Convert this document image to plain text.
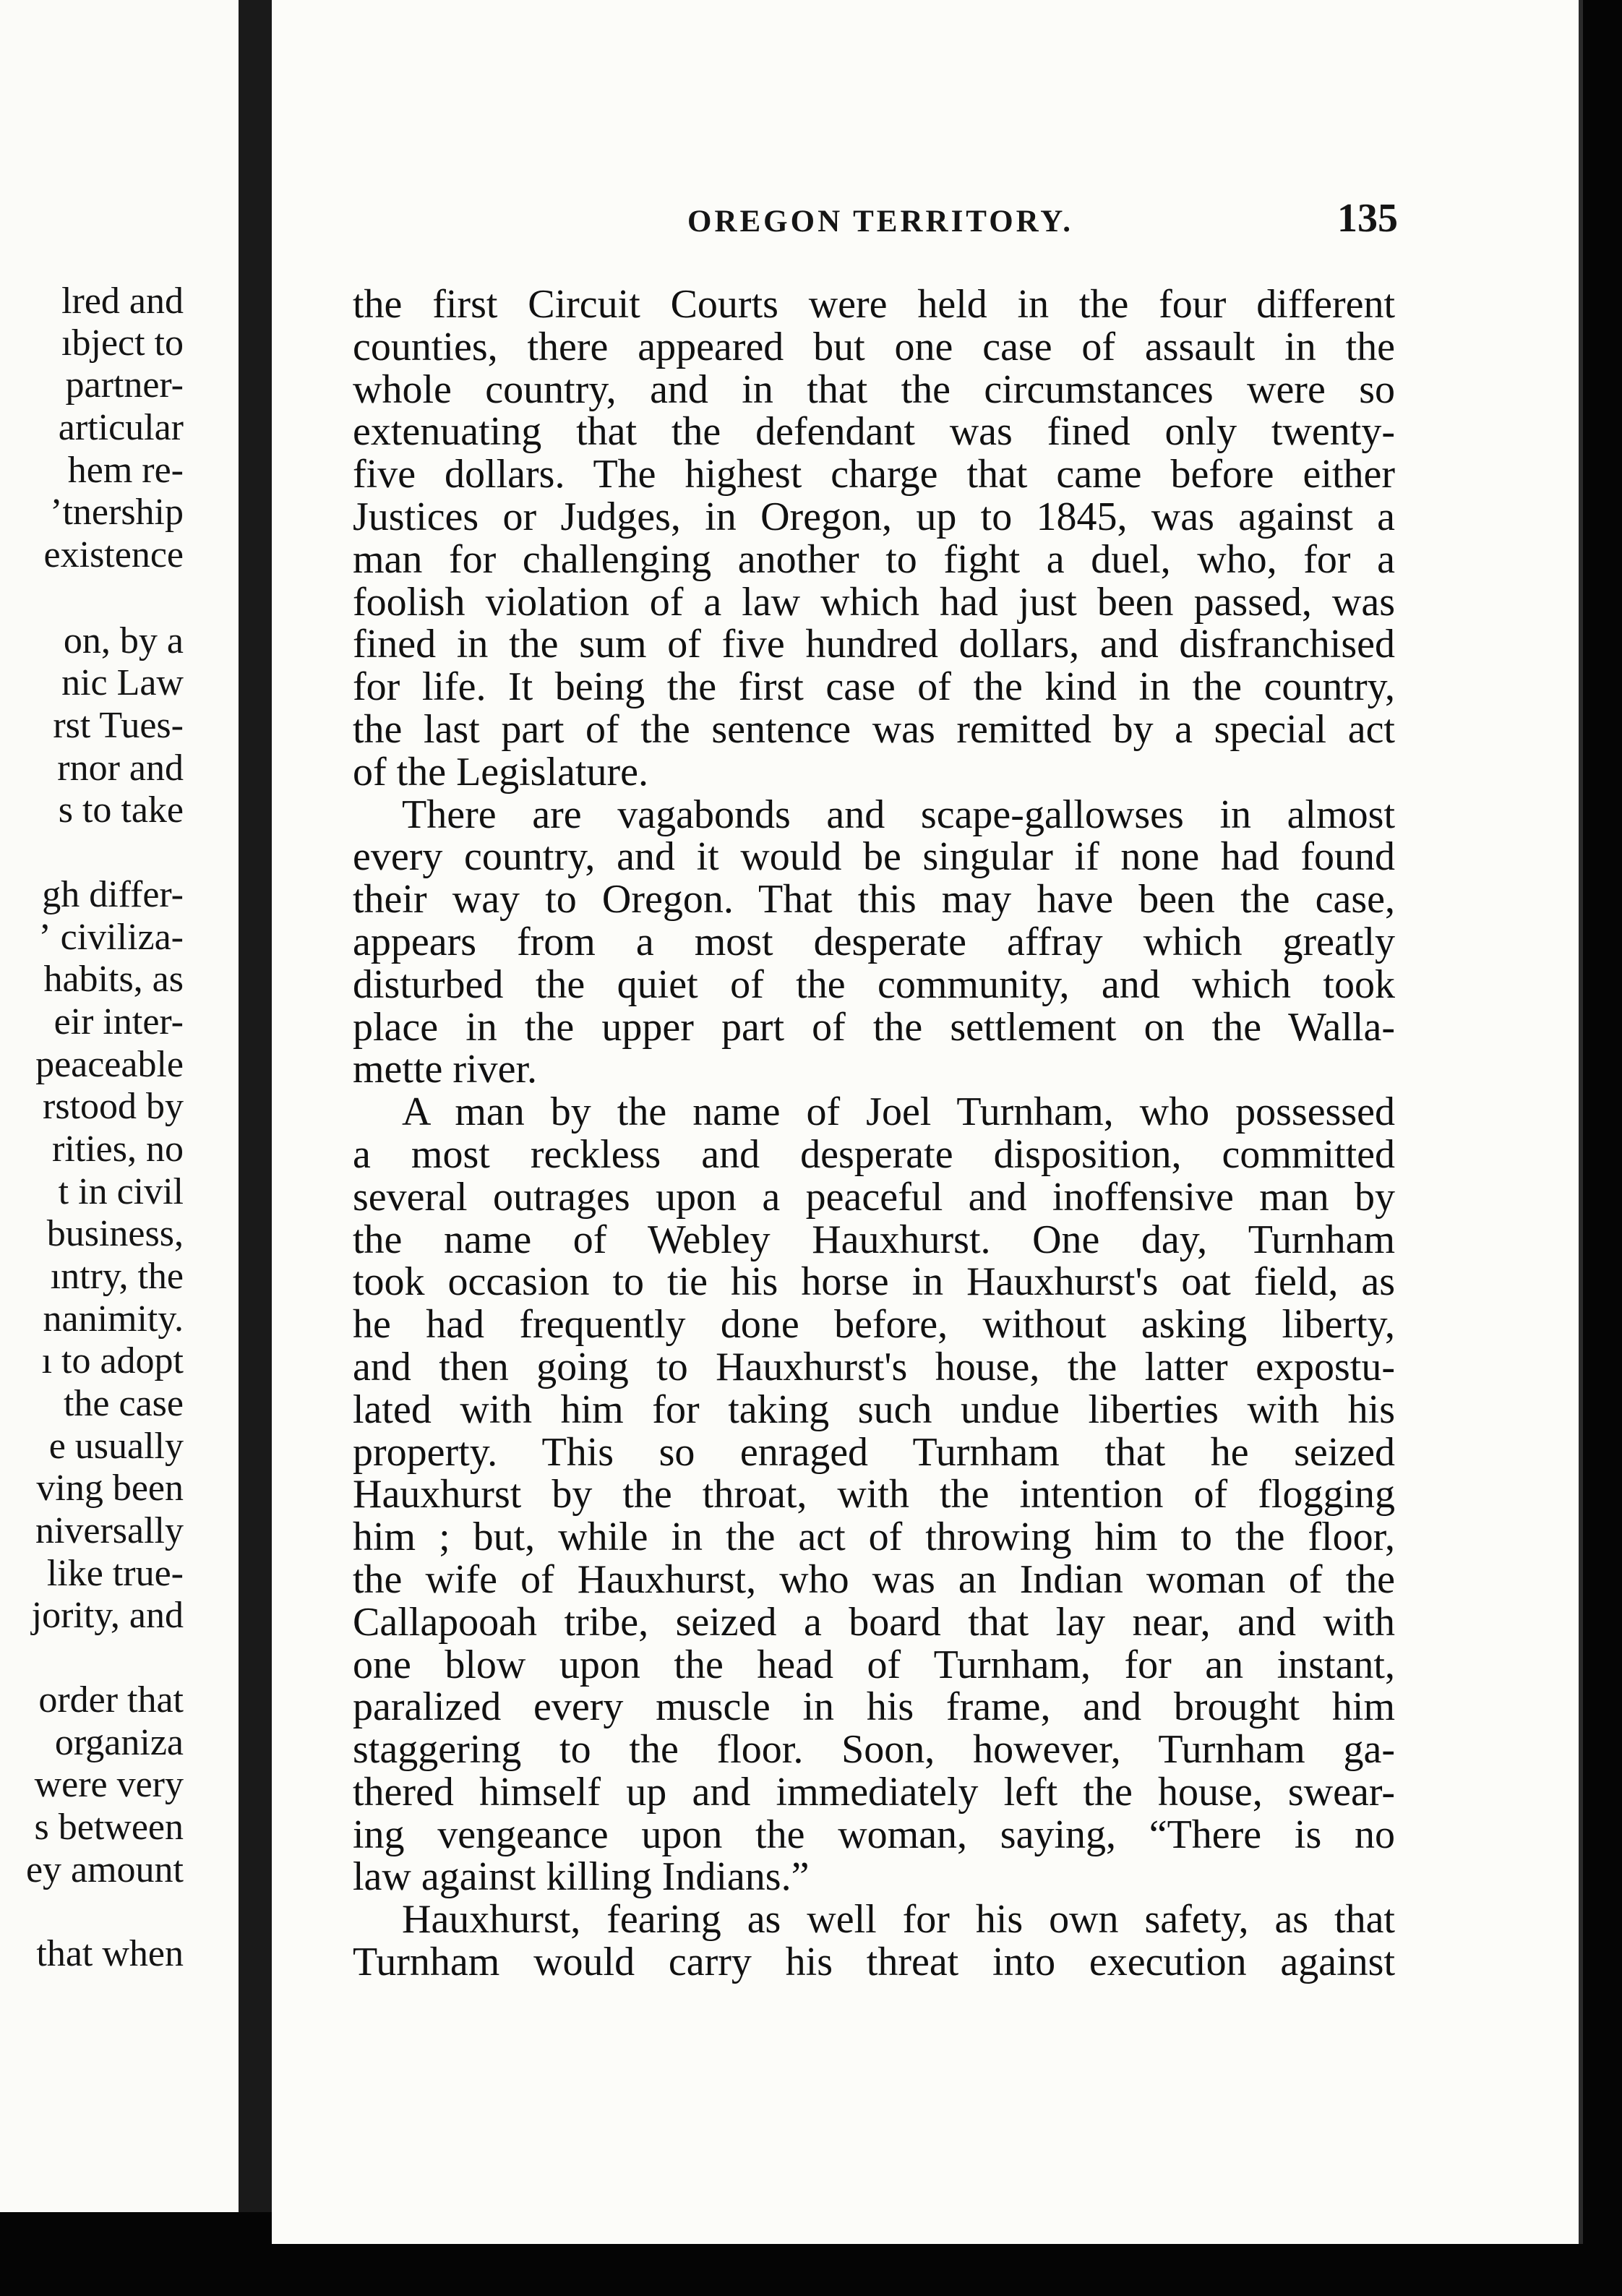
lred and
ıbject to
partner-
articular
hem re-
ʼtnership
existence
on, by a
nic Law
rst Tues-
rnor and
s to take
gh differ-
ʼ civiliza-
habits, as
eir inter-
peaceable
rstood by
rities, no
t in civil
business,
ıntry, the
nanimity.
ı to adopt
the case
e usually
ving been
niversally
like true-
jority, and
order that
organiza
were very
s between
ey amount
that when
OREGON TERRITORY.	135
the first Circuit Courts were held in the four different
counties, there appeared but one case of assault in the
whole country, and in that the circumstances were so
extenuating that the defendant was fined only twenty-
five dollars. The highest charge that came before either
Justices or Judges, in Oregon, up to 1845, was against a
man for challenging another to fight a duel, who, for a
foolish violation of a law which had just been passed, was
fined in the sum of five hundred dollars, and disfranchised
for life. It being the first case of the kind in the country,
the last part of the sentence was remitted by a special act
of the Legislature.
There are vagabonds and scape-gallowses in almost
every country, and it would be singular if none had found
their way to Oregon. That this may have been the case,
appears from a most desperate affray which greatly
disturbed the quiet of the community, and which took
place in the upper part of the settlement on the Walla-
mette river.
A man by the name of Joel Turnham, who possessed
a most reckless and desperate disposition, committed
several outrages upon a peaceful and inoffensive man by
the name of Webley Hauxhurst. One day, Turnham
took occasion to tie his horse in Hauxhurst's oat field, as
he had frequently done before, without asking liberty,
and then going to Hauxhurst's house, the latter expostu-
lated with him for taking such undue liberties with his
property. This so enraged Turnham that he seized
Hauxhurst by the throat, with the intention of flogging
him ; but, while in the act of throwing him to the floor,
the wife of Hauxhurst, who was an Indian woman of the
Callapooah tribe, seized a board that lay near, and with
one blow upon the head of Turnham, for an instant,
paralized every muscle in his frame, and brought him
staggering to the floor. Soon, however, Turnham ga-
thered himself up and immediately left the house, swear-
ing vengeance upon the woman, saying, “There is no
law against killing Indians.”
Hauxhurst, fearing as well for his own safety, as that
Turnham would carry his threat into execution against
